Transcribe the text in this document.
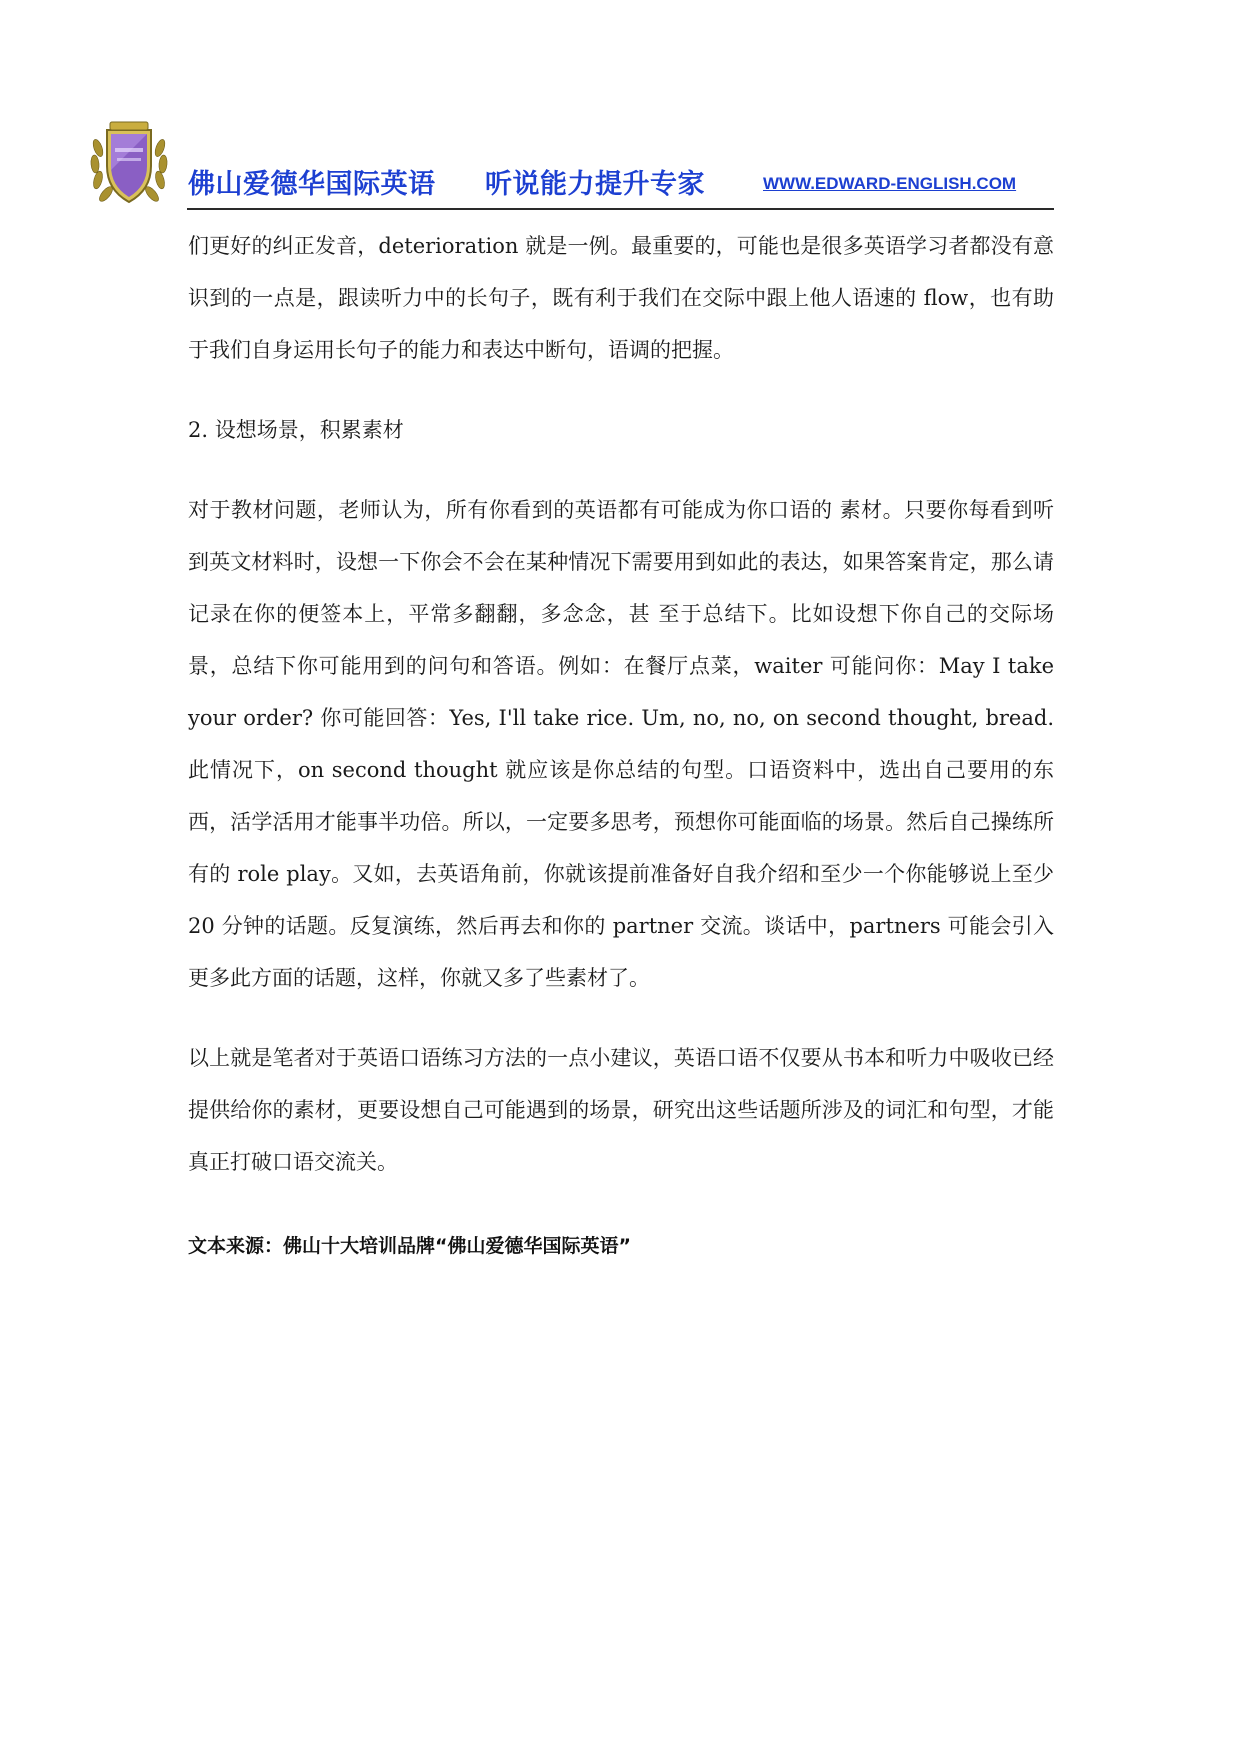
佛山爱德华国际英语 听说能力提升专家	WWW.EDWARD-ENGLISH.COM

们更好的纠正发音，deterioration 就是一例。最重要的，可能也是很多英语学习者都没有意识到的一点是，跟读听力中的长句子，既有利于我们在交际中跟上他人语速的 flow，也有助于我们自身运用长句子的能力和表达中断句，语调的把握。

2. 设想场景，积累素材

对于教材问题，老师认为，所有你看到的英语都有可能成为你口语的 素材。只要你每看到听到英文材料时，设想一下你会不会在某种情况下需要用到如此的表达，如果答案肯定，那么请记录在你的便签本上，平常多翻翻，多念念，甚 至于总结下。比如设想下你自己的交际场景，总结下你可能用到的问句和答语。例如：在餐厅点菜，waiter 可能问你：May I take your order? 你可能回答：Yes, I'll take rice. Um, no, no, on second thought, bread. 此情况下，on second thought 就应该是你总结的句型。口语资料中，选出自己要用的东西，活学活用才能事半功倍。所以，一定要多思考，预想你可能面临的场景。然后自己操练所有的 role play。又如，去英语角前，你就该提前准备好自我介绍和至少一个你能够说上至少 20 分钟的话题。反复演练，然后再去和你的 partner 交流。谈话中，partners 可能会引入更多此方面的话题，这样，你就又多了些素材了。

以上就是笔者对于英语口语练习方法的一点小建议，英语口语不仅要从书本和听力中吸收已经提供给你的素材，更要设想自己可能遇到的场景，研究出这些话题所涉及的词汇和句型，才能真正打破口语交流关。

文本来源：佛山十大培训品牌“佛山爱德华国际英语”
